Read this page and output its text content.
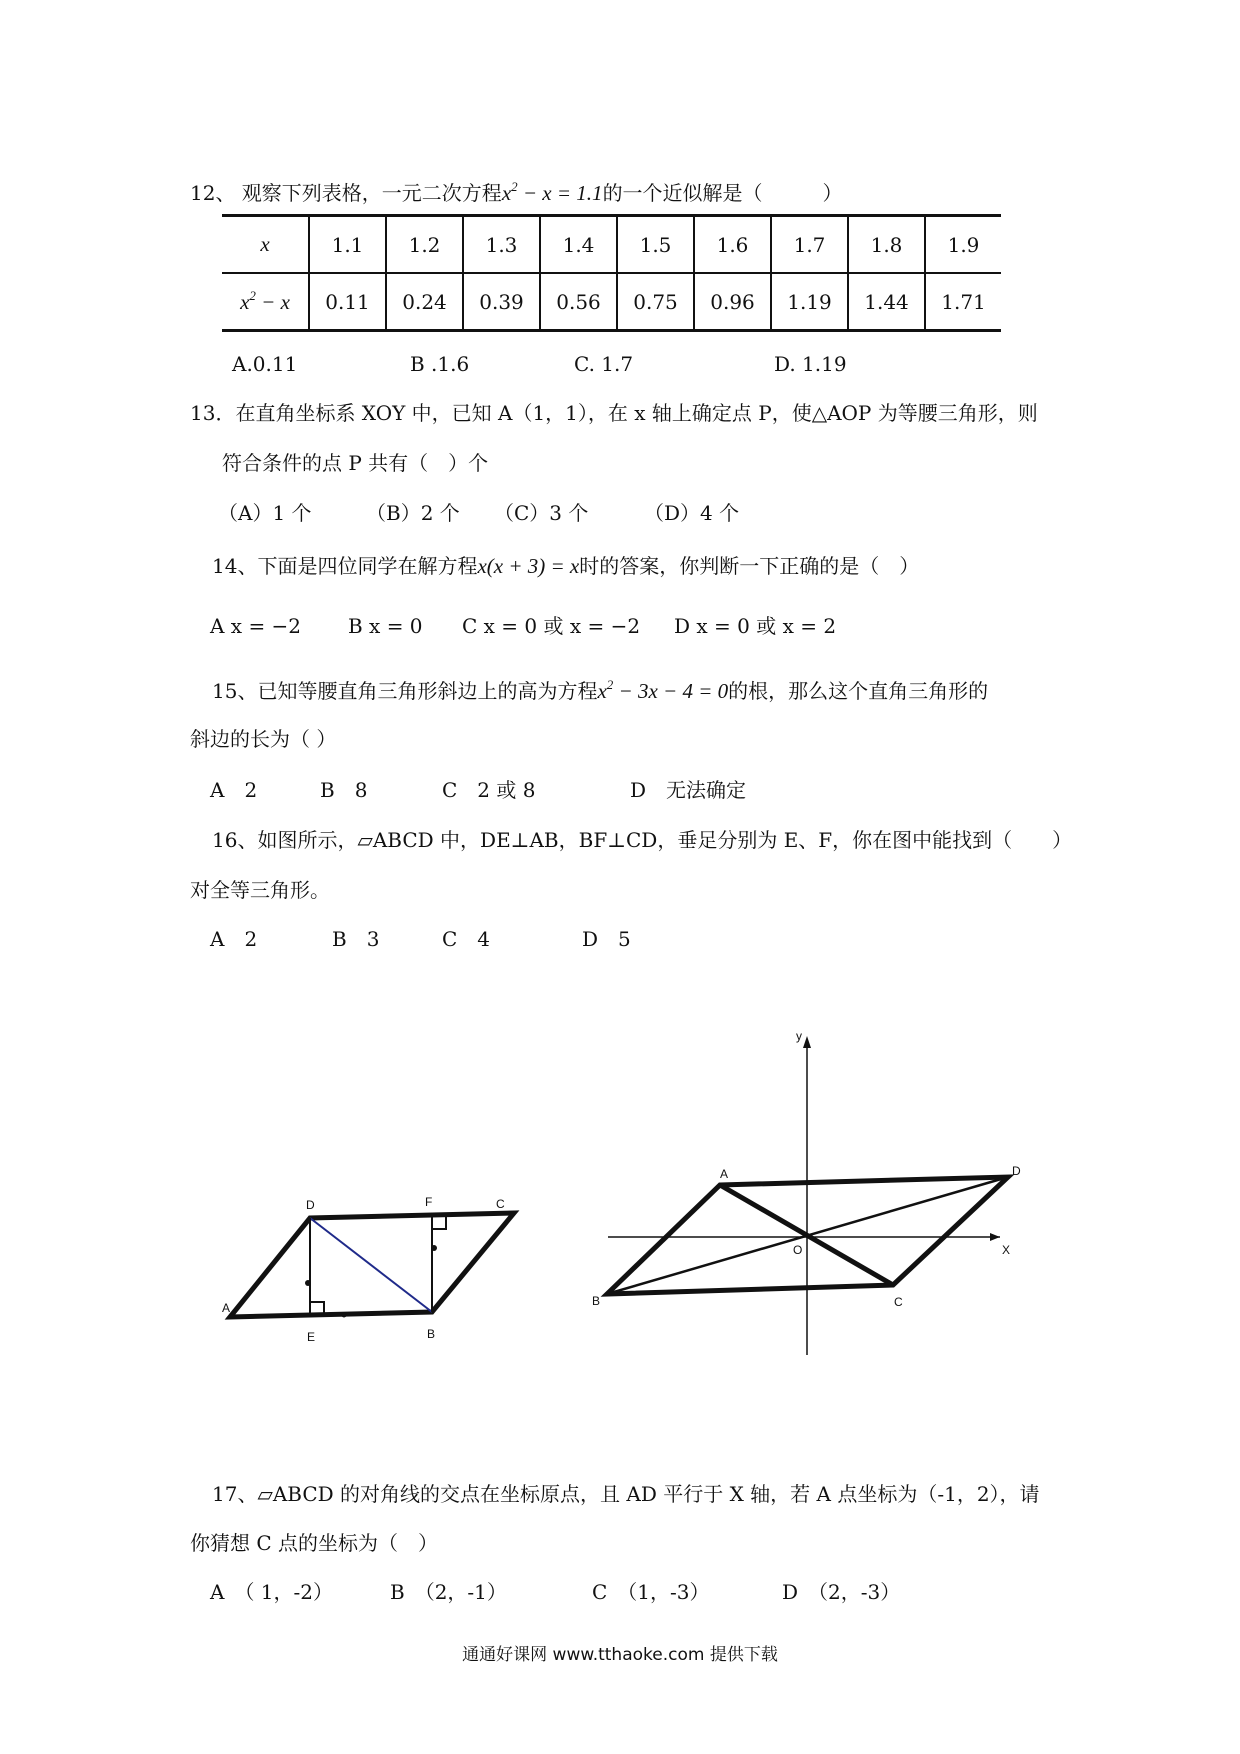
12、 观察下列表格，一元二次方程$x^2 - x = 1.1$的一个近似解是（　　　）
x	1.1	1.2	1.3	1.4	1.5	1.6	1.7	1.8	1.9
$x^2 - x$	0.11	0.24	0.39	0.56	0.75	0.96	1.19	1.44	1.71
A.0.11	B .1.6	C. 1.7	D. 1.19
13．在直角坐标系 XOY 中，已知 A（1，1），在 x 轴上确定点 P，使△AOP 为等腰三角形，则
符合条件的点 P 共有（　）个
（A）1 个	（B）2 个 （C）3 个	（D）4 个
14、下面是四位同学在解方程x(x + 3) = x时的答案，你判断一下正确的是（　）
A x = −2 B x = 0 C x = 0 或 x = −2 D x = 0 或 x = 2
15、已知等腰直角三角形斜边上的高为方程$x^2 - 3x - 4 = 0$的根，那么这个直角三角形的
斜边的长为（ ）
A　2	B　8	C　2 或 8	D　无法确定
16、如图所示，▱ABCD 中，DE⊥AB，BF⊥CD，垂足分别为 E、F，你在图中能找到（　　）
对全等三角形。
A　2	B　3	C　4	D　5
A
B
C
D
E
F
A
B	C
D
O	X
y
17、▱ABCD 的对角线的交点在坐标原点，且 AD 平行于 X 轴，若 A 点坐标为（-1，2），请
你猜想 C 点的坐标为（　）
A　（ 1，-2）	B　（2，-1）	C　（1，-3）	D　（2，-3）
通通好课网 www.tthaoke.com 提供下载
